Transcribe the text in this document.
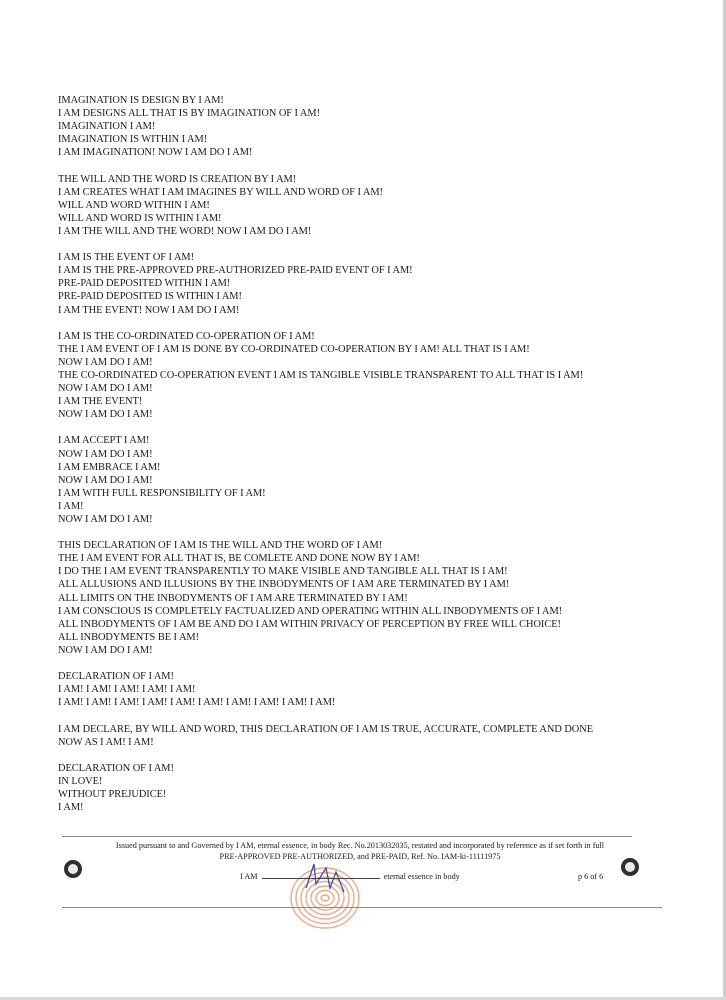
IMAGINATION IS DESIGN BY I AM!
I AM DESIGNS ALL THAT IS BY IMAGINATION OF I AM!
IMAGINATION I AM!
IMAGINATION IS WITHIN I AM!
I AM IMAGINATION! NOW I AM DO I AM!
THE WILL AND THE WORD IS CREATION BY I AM!
I AM CREATES WHAT I AM IMAGINES BY WILL AND WORD OF I AM!
WILL AND WORD WITHIN I AM!
WILL AND WORD IS WITHIN I AM!
I AM THE WILL AND THE WORD! NOW I AM DO I AM!
I AM IS THE EVENT OF I AM!
I AM IS THE PRE-APPROVED PRE-AUTHORIZED PRE-PAID EVENT OF I AM!
PRE-PAID DEPOSITED WITHIN I AM!
PRE-PAID DEPOSITED IS WITHIN I AM!
I AM THE EVENT! NOW I AM DO I AM!
I AM IS THE CO-ORDINATED CO-OPERATION OF I AM!
THE I AM EVENT OF I AM IS DONE BY CO-ORDINATED CO-OPERATION BY I AM! ALL THAT IS I AM!
NOW I AM DO I AM!
THE CO-ORDINATED CO-OPERATION EVENT I AM IS TANGIBLE VISIBLE TRANSPARENT TO ALL THAT IS I AM!
NOW I AM DO I AM!
I AM THE EVENT!
NOW I AM DO I AM!
I AM ACCEPT I AM!
NOW I AM DO I AM!
I AM EMBRACE I AM!
NOW I AM DO I AM!
I AM WITH FULL RESPONSIBILITY OF I AM!
I AM!
NOW I AM DO I AM!
THIS DECLARATION OF I AM IS THE WILL AND THE WORD OF I AM!
THE I AM EVENT FOR ALL THAT IS, BE COMLETE AND DONE NOW BY I AM!
I DO THE I AM EVENT TRANSPARENTLY TO MAKE VISIBLE AND TANGIBLE ALL THAT IS I AM!
ALL ALLUSIONS AND ILLUSIONS BY THE INBODYMENTS OF I AM ARE TERMINATED BY I AM!
ALL LIMITS ON THE INBODYMENTS OF I AM ARE TERMINATED BY I AM!
I AM CONSCIOUS IS COMPLETELY FACTUALIZED AND OPERATING WITHIN ALL INBODYMENTS OF I AM!
ALL INBODYMENTS OF I AM BE AND DO I AM WITHIN PRIVACY OF PERCEPTION BY FREE WILL CHOICE!
ALL INBODYMENTS BE I AM!
NOW I AM DO I AM!
DECLARATION OF I AM!
I AM! I AM! I AM! I AM! I AM!
I AM! I AM! I AM! I AM! I AM! I AM! I AM! I AM! I AM! I AM!
I AM DECLARE, BY WILL AND WORD, THIS DECLARATION OF I AM IS TRUE, ACCURATE, COMPLETE AND DONE
NOW AS I AM! I AM!
DECLARATION OF I AM!
IN LOVE!
WITHOUT PREJUDICE!
I AM!
Issued pursuant to and Governed by I AM, eternal essence, in body Rec. No.2013032035, restated and incorporated by reference as if set forth in full
PRE-APPROVED PRE-AUTHORIZED, and PRE-PAID, Ref. No. IAM-ki-11111975
I AM	eternal essence in body	p 6 of 6
